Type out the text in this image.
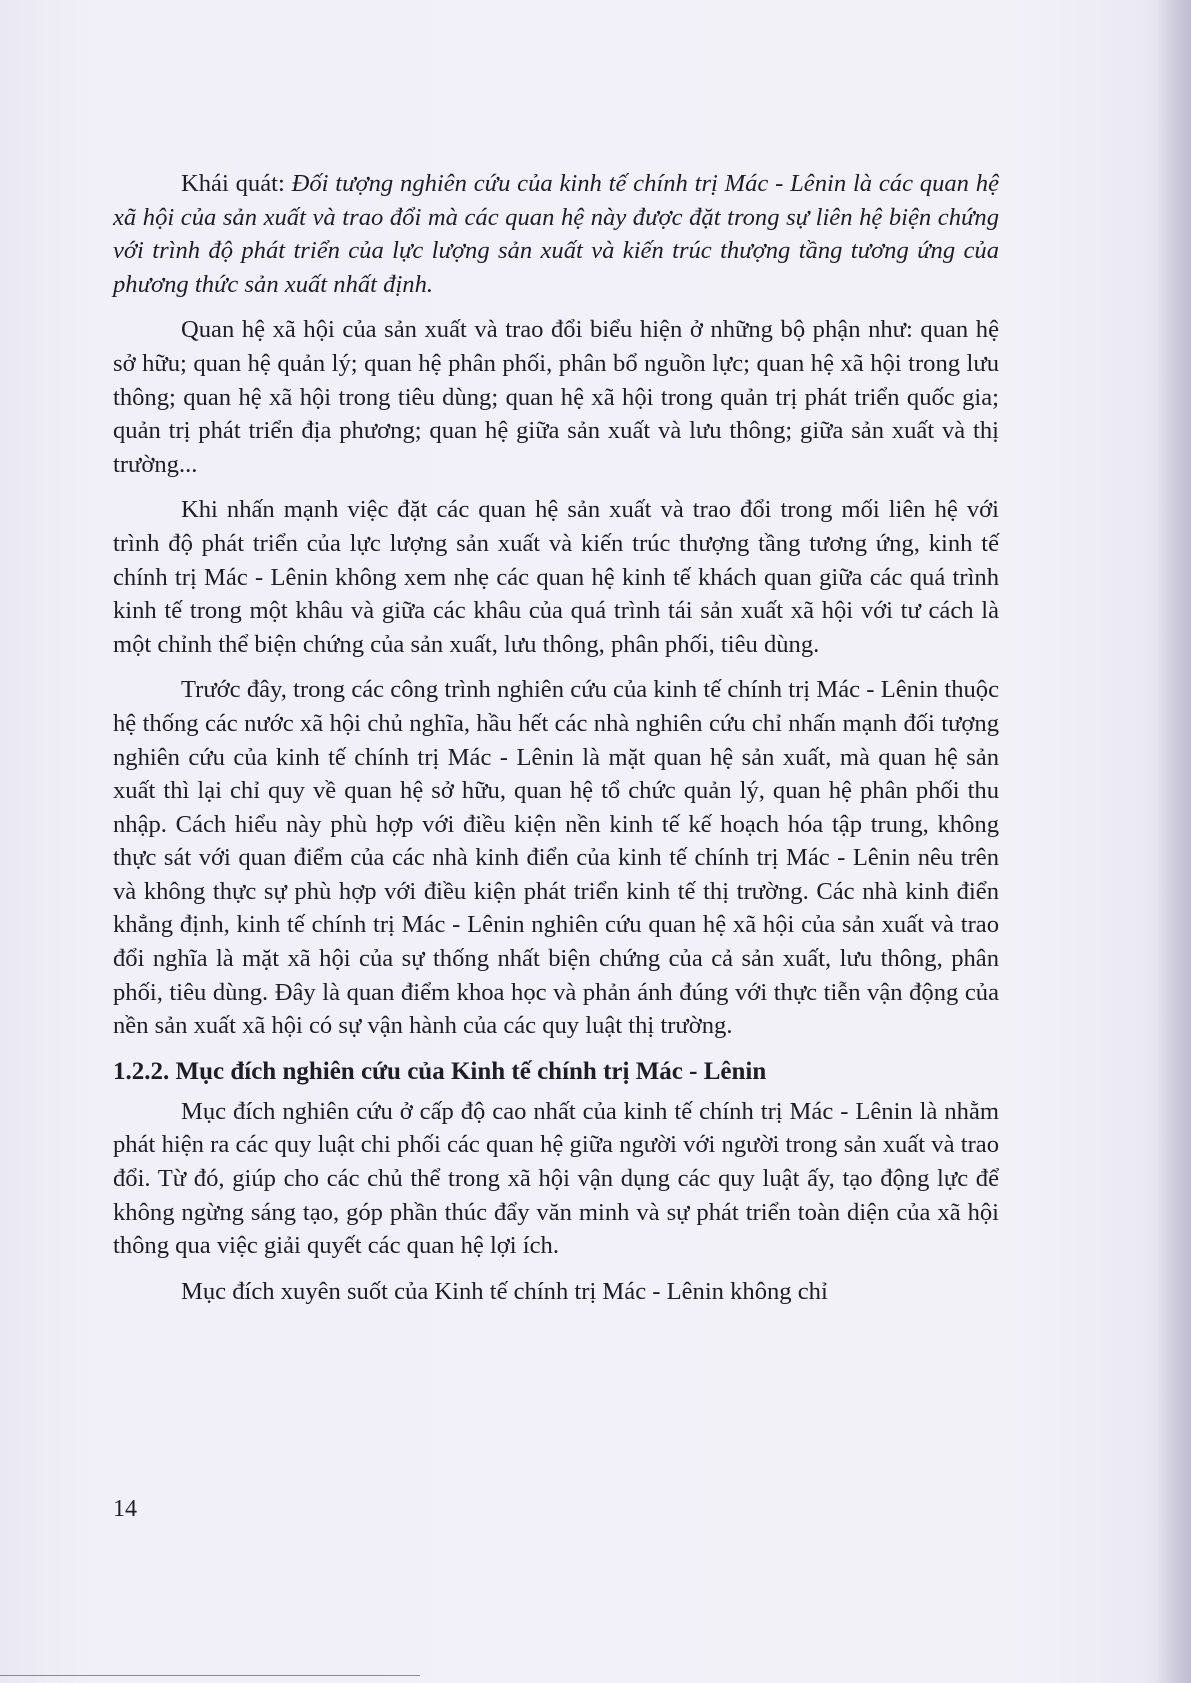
Khái quát: Đối tượng nghiên cứu của kinh tế chính trị Mác - Lênin là các quan hệ xã hội của sản xuất và trao đổi mà các quan hệ này được đặt trong sự liên hệ biện chứng với trình độ phát triển của lực lượng sản xuất và kiến trúc thượng tầng tương ứng của phương thức sản xuất nhất định.

Quan hệ xã hội của sản xuất và trao đổi biểu hiện ở những bộ phận như: quan hệ sở hữu; quan hệ quản lý; quan hệ phân phối, phân bổ nguồn lực; quan hệ xã hội trong lưu thông; quan hệ xã hội trong tiêu dùng; quan hệ xã hội trong quản trị phát triển quốc gia; quản trị phát triển địa phương; quan hệ giữa sản xuất và lưu thông; giữa sản xuất và thị trường...

Khi nhấn mạnh việc đặt các quan hệ sản xuất và trao đổi trong mối liên hệ với trình độ phát triển của lực lượng sản xuất và kiến trúc thượng tầng tương ứng, kinh tế chính trị Mác - Lênin không xem nhẹ các quan hệ kinh tế khách quan giữa các quá trình kinh tế trong một khâu và giữa các khâu của quá trình tái sản xuất xã hội với tư cách là một chỉnh thể biện chứng của sản xuất, lưu thông, phân phối, tiêu dùng.

Trước đây, trong các công trình nghiên cứu của kinh tế chính trị Mác - Lênin thuộc hệ thống các nước xã hội chủ nghĩa, hầu hết các nhà nghiên cứu chỉ nhấn mạnh đối tượng nghiên cứu của kinh tế chính trị Mác - Lênin là mặt quan hệ sản xuất, mà quan hệ sản xuất thì lại chỉ quy về quan hệ sở hữu, quan hệ tổ chức quản lý, quan hệ phân phối thu nhập. Cách hiểu này phù hợp với điều kiện nền kinh tế kế hoạch hóa tập trung, không thực sát với quan điểm của các nhà kinh điển của kinh tế chính trị Mác - Lênin nêu trên và không thực sự phù hợp với điều kiện phát triển kinh tế thị trường. Các nhà kinh điển khẳng định, kinh tế chính trị Mác - Lênin nghiên cứu quan hệ xã hội của sản xuất và trao đổi nghĩa là mặt xã hội của sự thống nhất biện chứng của cả sản xuất, lưu thông, phân phối, tiêu dùng. Đây là quan điểm khoa học và phản ánh đúng với thực tiễn vận động của nền sản xuất xã hội có sự vận hành của các quy luật thị trường.

1.2.2. Mục đích nghiên cứu của Kinh tế chính trị Mác - Lênin

Mục đích nghiên cứu ở cấp độ cao nhất của kinh tế chính trị Mác - Lênin là nhằm phát hiện ra các quy luật chi phối các quan hệ giữa người với người trong sản xuất và trao đổi. Từ đó, giúp cho các chủ thể trong xã hội vận dụng các quy luật ấy, tạo động lực để không ngừng sáng tạo, góp phần thúc đẩy văn minh và sự phát triển toàn diện của xã hội thông qua việc giải quyết các quan hệ lợi ích.

Mục đích xuyên suốt của Kinh tế chính trị Mác - Lênin không chỉ

14
